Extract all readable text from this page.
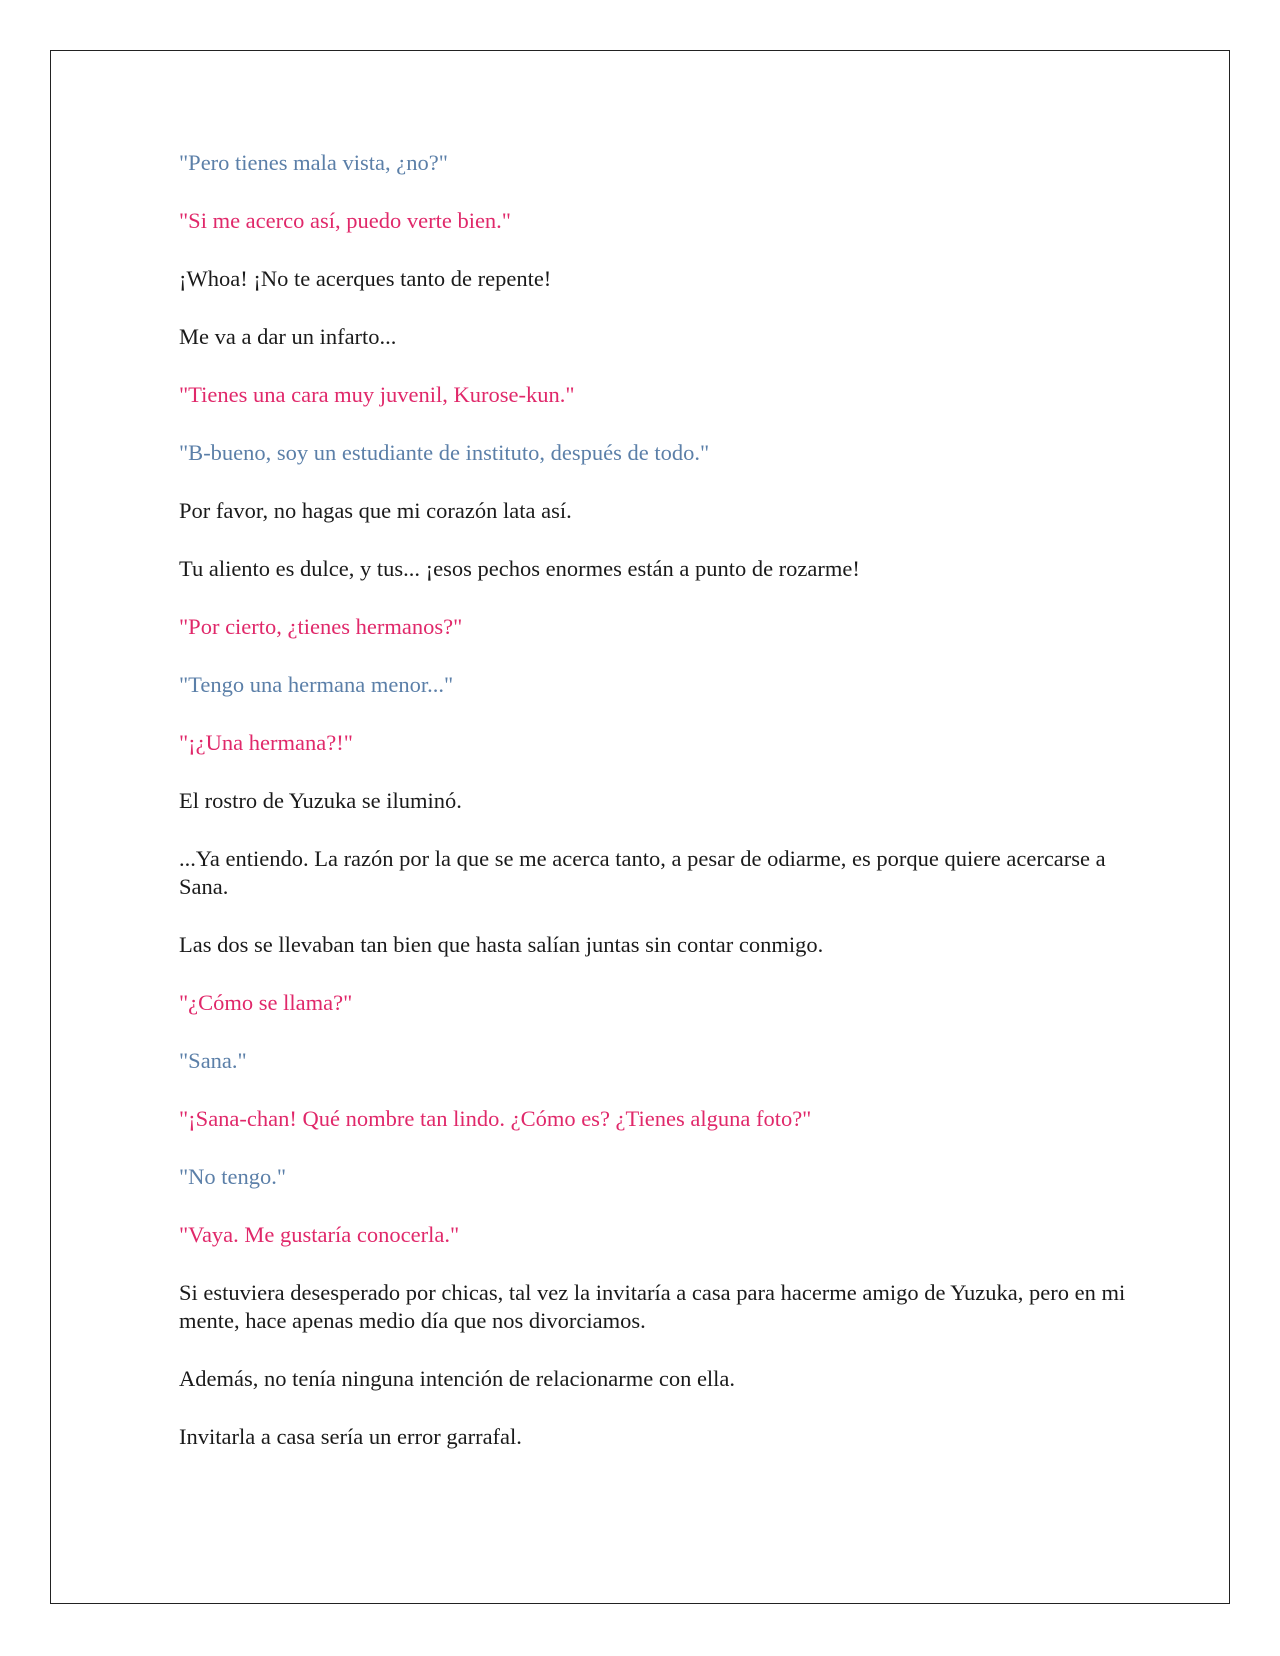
"Pero tienes mala vista, ¿no?"

"Si me acerco así, puedo verte bien."

¡Whoa! ¡No te acerques tanto de repente!

Me va a dar un infarto...

"Tienes una cara muy juvenil, Kurose-kun."

"B-bueno, soy un estudiante de instituto, después de todo."

Por favor, no hagas que mi corazón lata así.

Tu aliento es dulce, y tus... ¡esos pechos enormes están a punto de rozarme!

"Por cierto, ¿tienes hermanos?"

"Tengo una hermana menor..."

"¡¿Una hermana?!"

El rostro de Yuzuka se iluminó.

...Ya entiendo. La razón por la que se me acerca tanto, a pesar de odiarme, es porque quiere acercarse a Sana.

Las dos se llevaban tan bien que hasta salían juntas sin contar conmigo.

"¿Cómo se llama?"

"Sana."

"¡Sana-chan! Qué nombre tan lindo. ¿Cómo es? ¿Tienes alguna foto?"

"No tengo."

"Vaya. Me gustaría conocerla."

Si estuviera desesperado por chicas, tal vez la invitaría a casa para hacerme amigo de Yuzuka, pero en mi mente, hace apenas medio día que nos divorciamos.

Además, no tenía ninguna intención de relacionarme con ella.

Invitarla a casa sería un error garrafal.
